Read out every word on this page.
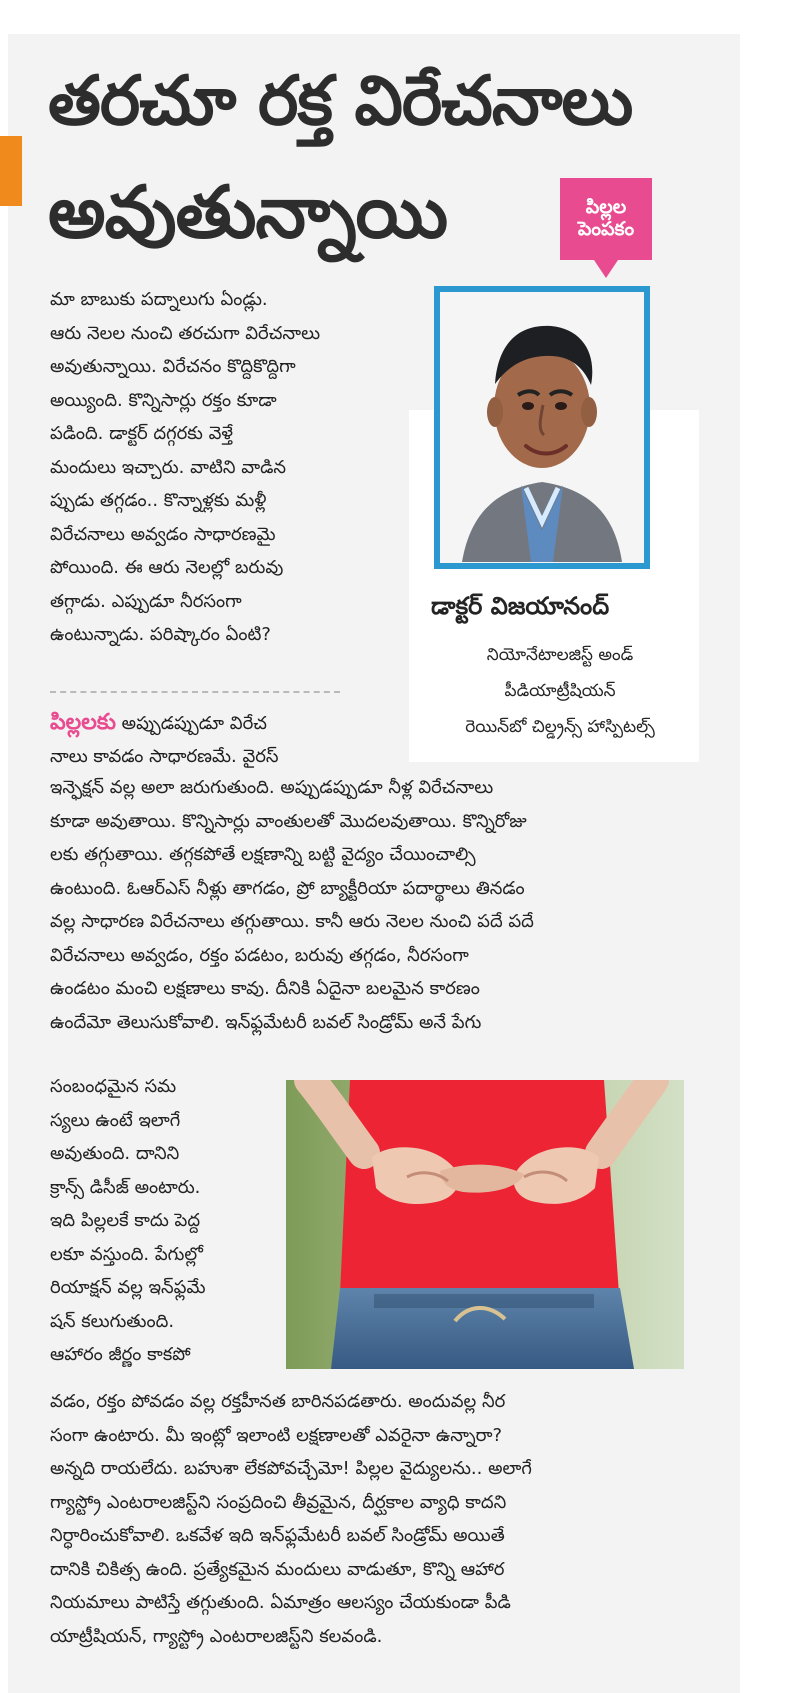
తరచూ రక్త విరేచనాలు
అవుతున్నాయి	పిల్లల
పెంపకం
మా బాబుకు పద్నాలుగు ఏండ్లు.
ఆరు నెలల నుంచి తరచుగా విరేచనాలు
అవుతున్నాయి. విరేచనం కొద్దికొద్దిగా
అయ్యింది. కొన్నిసార్లు రక్తం కూడా
పడింది. డాక్టర్ దగ్గరకు వెళ్తే
మందులు ఇచ్చారు. వాటిని వాడిన
ప్పుడు తగ్గడం.. కొన్నాళ్లకు మళ్లీ
విరేచనాలు అవ్వడం సాధారణమై
పోయింది. ఈ ఆరు నెలల్లో బరువు
తగ్గాడు. ఎప్పుడూ నీరసంగా
ఉంటున్నాడు. పరిష్కారం ఏంటి?
డాక్టర్ విజయానంద్
నియోనేటాలజిస్ట్ అండ్
పీడియాట్రీషియన్
రెయిన్‌బో చిల్డ్రన్స్ హాస్పిటల్స్
పిల్లలకు అప్పుడప్పుడూ విరేచ
నాలు కావడం సాధారణమే. వైరస్
ఇన్ఫెక్షన్ వల్ల అలా జరుగుతుంది. అప్పుడప్పుడూ నీళ్ల విరేచనాలు
కూడా అవుతాయి. కొన్నిసార్లు వాంతులతో మొదలవుతాయి. కొన్నిరోజు
లకు తగ్గుతాయి. తగ్గకపోతే లక్షణాన్ని బట్టి వైద్యం చేయించాల్సి
ఉంటుంది. ఓఆర్ఎస్ నీళ్లు తాగడం, ప్రో బ్యాక్టీరియా పదార్థాలు తినడం
వల్ల సాధారణ విరేచనాలు తగ్గుతాయి. కానీ ఆరు నెలల నుంచి పదే పదే
విరేచనాలు అవ్వడం, రక్తం పడటం, బరువు తగ్గడం, నీరసంగా
ఉండటం మంచి లక్షణాలు కావు. దీనికి ఏదైనా బలమైన కారణం
ఉందేమో తెలుసుకోవాలి. ఇన్‌ఫ్లమేటరీ బవల్ సిండ్రోమ్ అనే పేగు
సంబంధమైన సమ
స్యలు ఉంటే ఇలాగే
అవుతుంది. దానిని
క్రాన్స్ డిసీజ్ అంటారు.
ఇది పిల్లలకే కాదు పెద్ద
లకూ వస్తుంది. పేగుల్లో
రియాక్షన్ వల్ల ఇన్‌ఫ్లమే
షన్ కలుగుతుంది.
ఆహారం జీర్ణం కాకపో
వడం, రక్తం పోవడం వల్ల రక్తహీనత బారినపడతారు. అందువల్ల నీర
సంగా ఉంటారు. మీ ఇంట్లో ఇలాంటి లక్షణాలతో ఎవరైనా ఉన్నారా?
అన్నది రాయలేదు. బహుశా లేకపోవచ్చేమో! పిల్లల వైద్యులను.. అలాగే
గ్యాస్ట్రో ఎంటరాలజిస్ట్‌ని సంప్రదించి తీవ్రమైన, దీర్ఘకాల వ్యాధి కాదని
నిర్ధారించుకోవాలి. ఒకవేళ ఇది ఇన్‌ఫ్లమేటరీ బవల్ సిండ్రోమ్ అయితే
దానికి చికిత్స ఉంది. ప్రత్యేకమైన మందులు వాడుతూ, కొన్ని ఆహార
నియమాలు పాటిస్తే తగ్గుతుంది. ఏమాత్రం ఆలస్యం చేయకుండా పీడి
యాట్రీషియన్, గ్యాస్ట్రో ఎంటరాలజిస్ట్‌ని కలవండి.
